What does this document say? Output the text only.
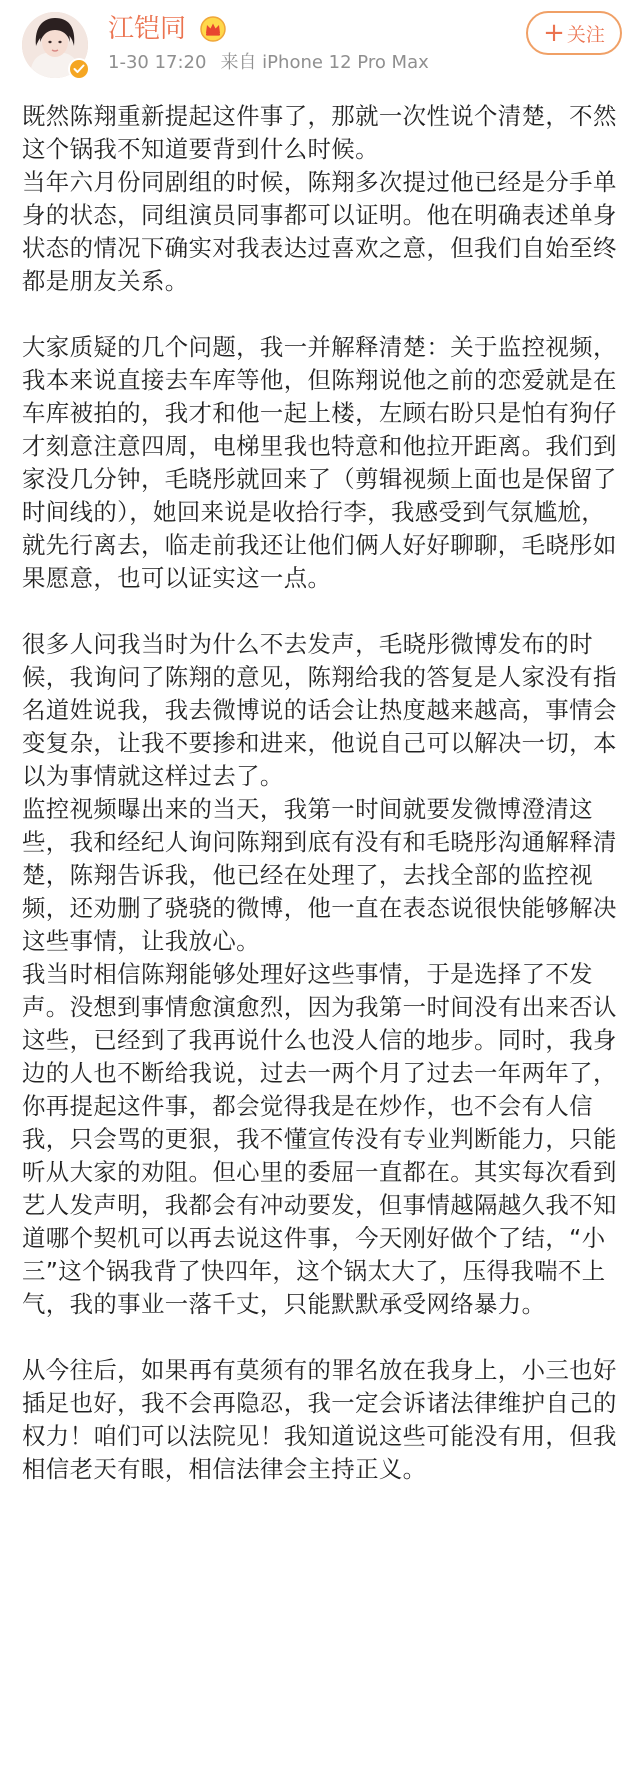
江铠同
1-30 17:20 来自 iPhone 12 Pro Max
+ 关注

既然陈翔重新提起这件事了，那就一次性说个清楚，不然这个锅我不知道要背到什么时候。

当年六月份同剧组的时候，陈翔多次提过他已经是分手单身的状态，同组演员同事都可以证明。他在明确表述单身状态的情况下确实对我表达过喜欢之意，但我们自始至终都是朋友关系。

大家质疑的几个问题，我一并解释清楚：关于监控视频，我本来说直接去车库等他，但陈翔说他之前的恋爱就是在车库被拍的，我才和他一起上楼，左顾右盼只是怕有狗仔才刻意注意四周，电梯里我也特意和他拉开距离。我们到家没几分钟，毛晓彤就回来了（剪辑视频上面也是保留了时间线的），她回来说是收拾行李，我感受到气氛尴尬，就先行离去，临走前我还让他们俩人好好聊聊，毛晓彤如果愿意，也可以证实这一点。

很多人问我当时为什么不去发声，毛晓彤微博发布的时候，我询问了陈翔的意见，陈翔给我的答复是人家没有指名道姓说我，我去微博说的话会让热度越来越高，事情会变复杂，让我不要掺和进来，他说自己可以解决一切，本以为事情就这样过去了。

监控视频曝出来的当天，我第一时间就要发微博澄清这些，我和经纪人询问陈翔到底有没有和毛晓彤沟通解释清楚，陈翔告诉我，他已经在处理了，去找全部的监控视频，还劝删了骁骁的微博，他一直在表态说很快能够解决这些事情，让我放心。

我当时相信陈翔能够处理好这些事情，于是选择了不发声。没想到事情愈演愈烈，因为我第一时间没有出来否认这些，已经到了我再说什么也没人信的地步。同时，我身边的人也不断给我说，过去一两个月了过去一年两年了，你再提起这件事，都会觉得我是在炒作，也不会有人信我，只会骂的更狠，我不懂宣传没有专业判断能力，只能听从大家的劝阻。但心里的委屈一直都在。其实每次看到艺人发声明，我都会有冲动要发，但事情越隔越久我不知道哪个契机可以再去说这件事，今天刚好做个了结，“小三”这个锅我背了快四年，这个锅太大了，压得我喘不上气，我的事业一落千丈，只能默默承受网络暴力。

从今往后，如果再有莫须有的罪名放在我身上，小三也好插足也好，我不会再隐忍，我一定会诉诸法律维护自己的权力！咱们可以法院见！我知道说这些可能没有用，但我相信老天有眼，相信法律会主持正义。
